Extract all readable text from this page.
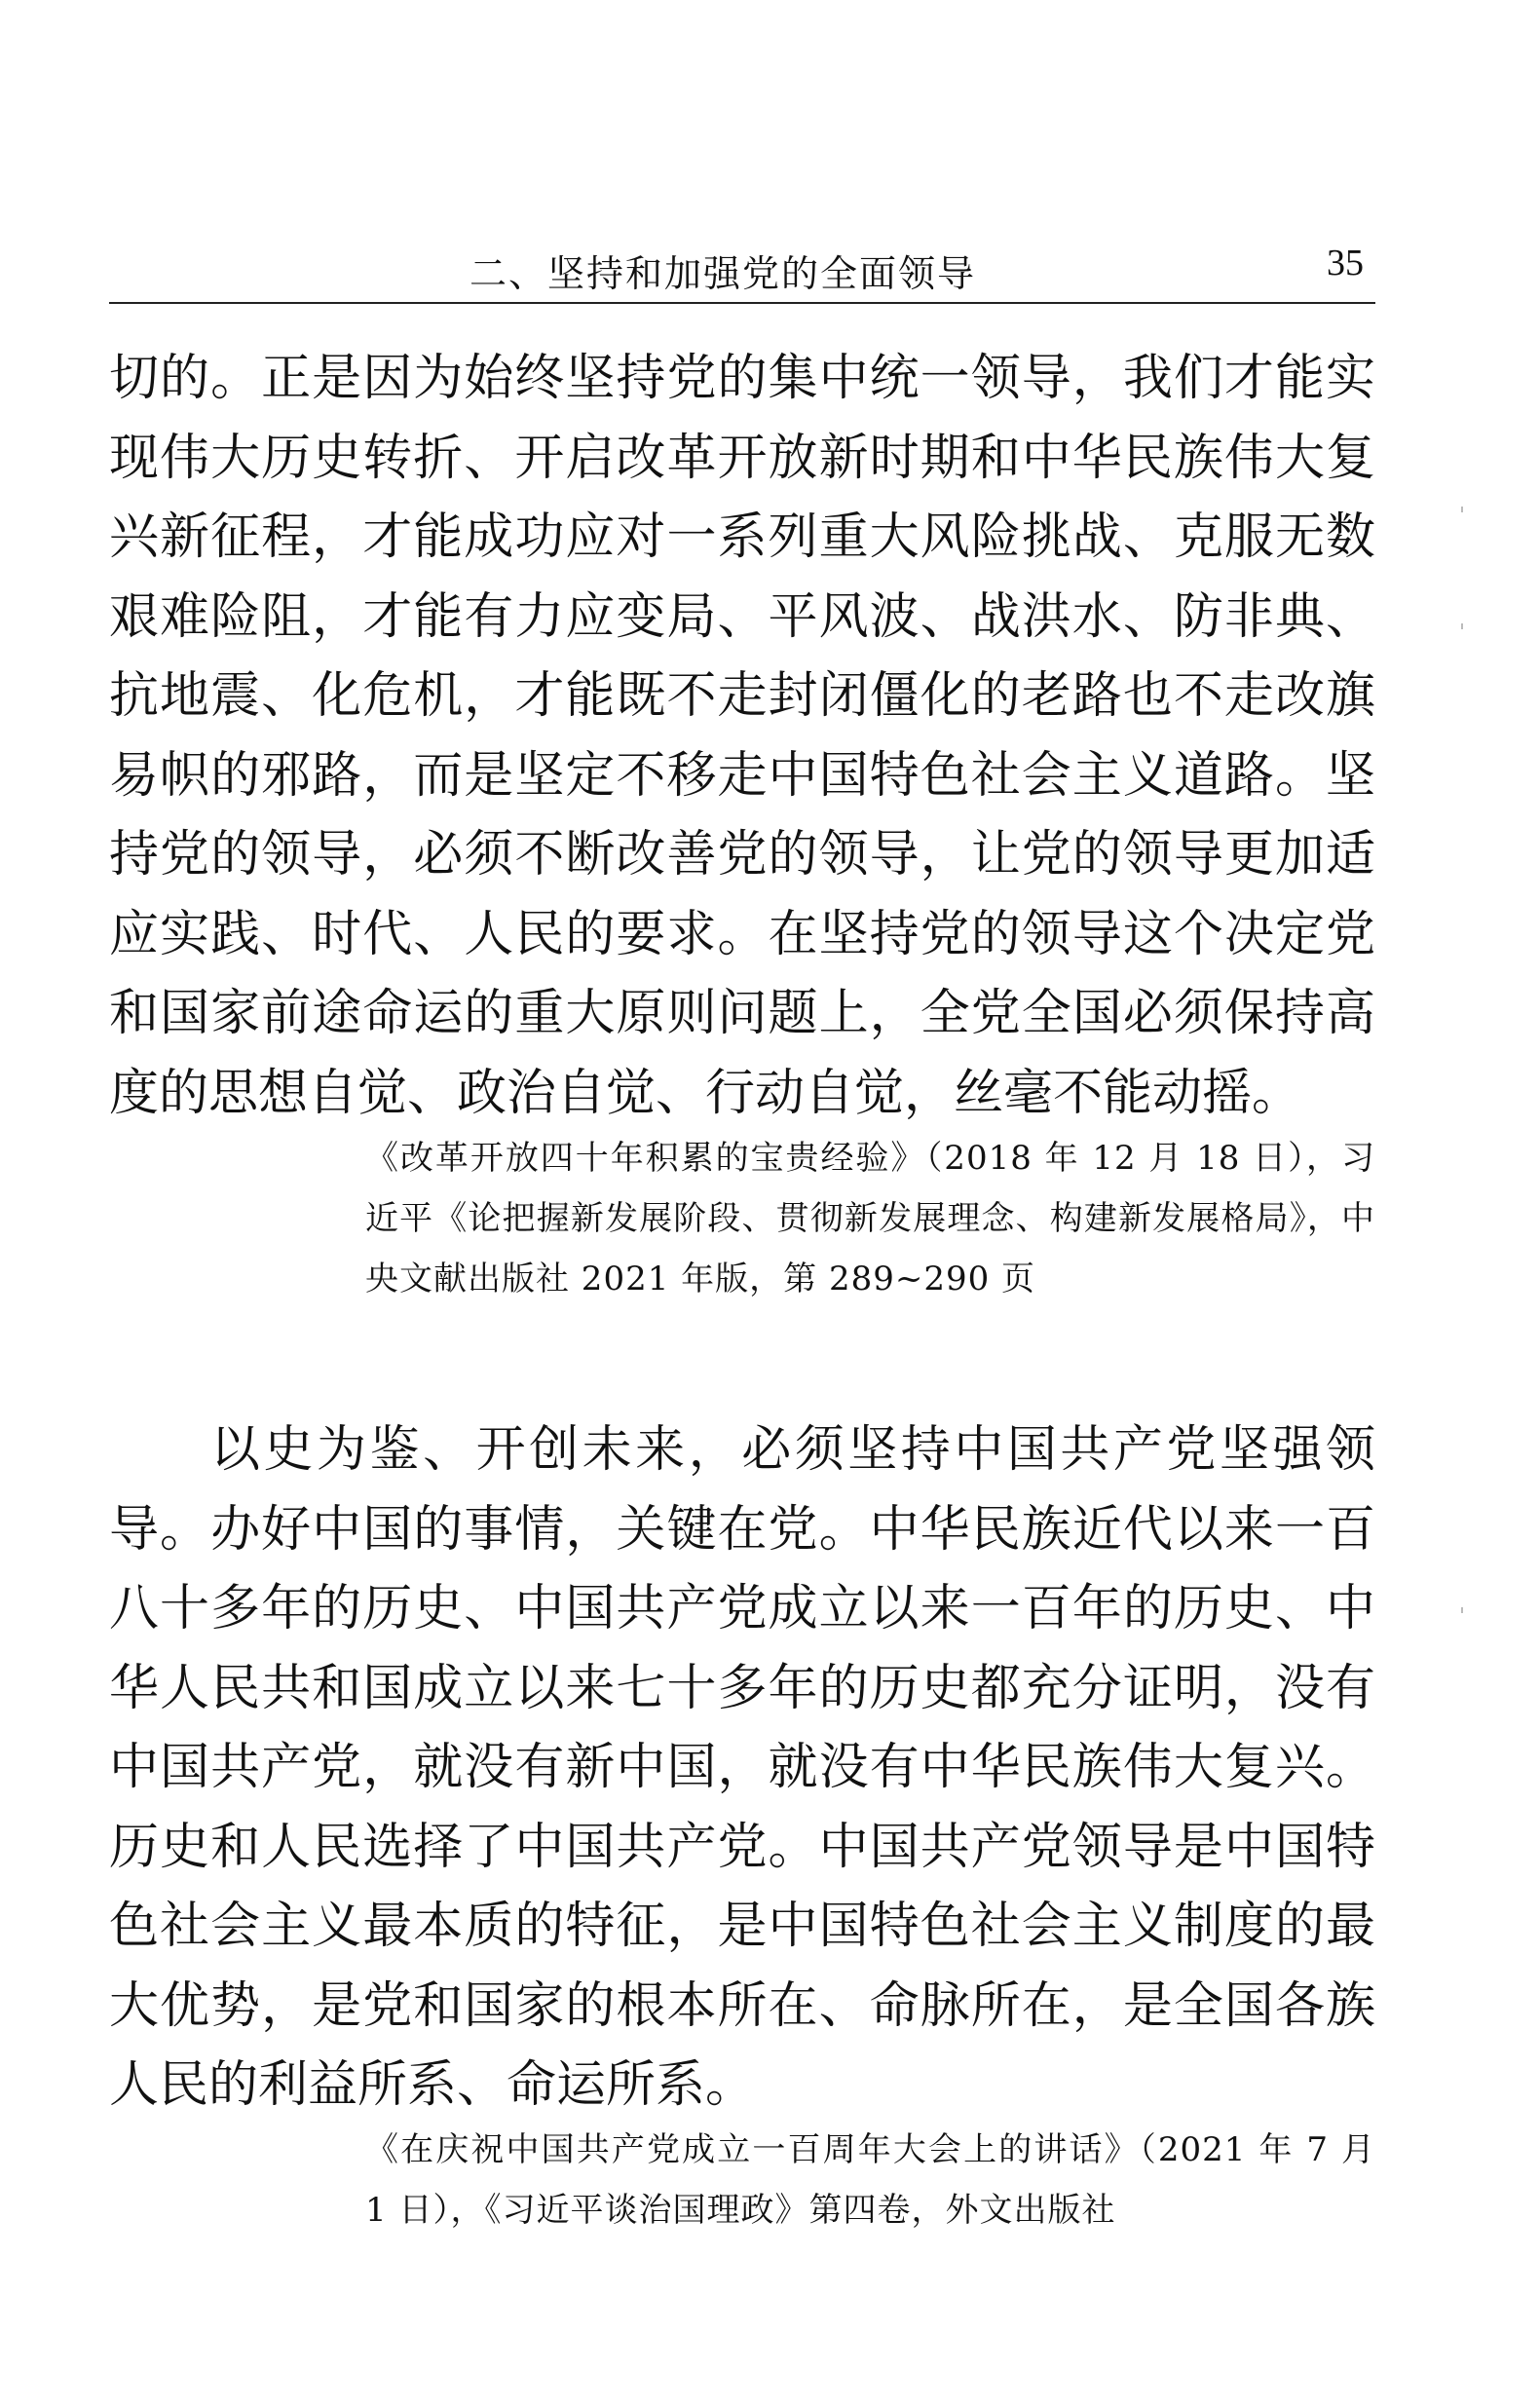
二、坚持和加强党的全面领导	35

切的。正是因为始终坚持党的集中统一领导，我们才能实现伟大历史转折、开启改革开放新时期和中华民族伟大复兴新征程，才能成功应对一系列重大风险挑战、克服无数艰难险阻，才能有力应变局、平风波、战洪水、防非典、抗地震、化危机，才能既不走封闭僵化的老路也不走改旗易帜的邪路，而是坚定不移走中国特色社会主义道路。坚持党的领导，必须不断改善党的领导，让党的领导更加适应实践、时代、人民的要求。在坚持党的领导这个决定党和国家前途命运的重大原则问题上，全党全国必须保持高度的思想自觉、政治自觉、行动自觉，丝毫不能动摇。

《改革开放四十年积累的宝贵经验》（2018 年 12 月 18 日），习近平《论把握新发展阶段、贯彻新发展理念、构建新发展格局》，中央文献出版社 2021 年版，第 289~290 页

以史为鉴、开创未来，必须坚持中国共产党坚强领导。办好中国的事情，关键在党。中华民族近代以来一百八十多年的历史、中国共产党成立以来一百年的历史、中华人民共和国成立以来七十多年的历史都充分证明，没有中国共产党，就没有新中国，就没有中华民族伟大复兴。历史和人民选择了中国共产党。中国共产党领导是中国特色社会主义最本质的特征，是中国特色社会主义制度的最大优势，是党和国家的根本所在、命脉所在，是全国各族人民的利益所系、命运所系。

《在庆祝中国共产党成立一百周年大会上的讲话》（2021 年 7 月 1 日），《习近平谈治国理政》第四卷，外文出版社
